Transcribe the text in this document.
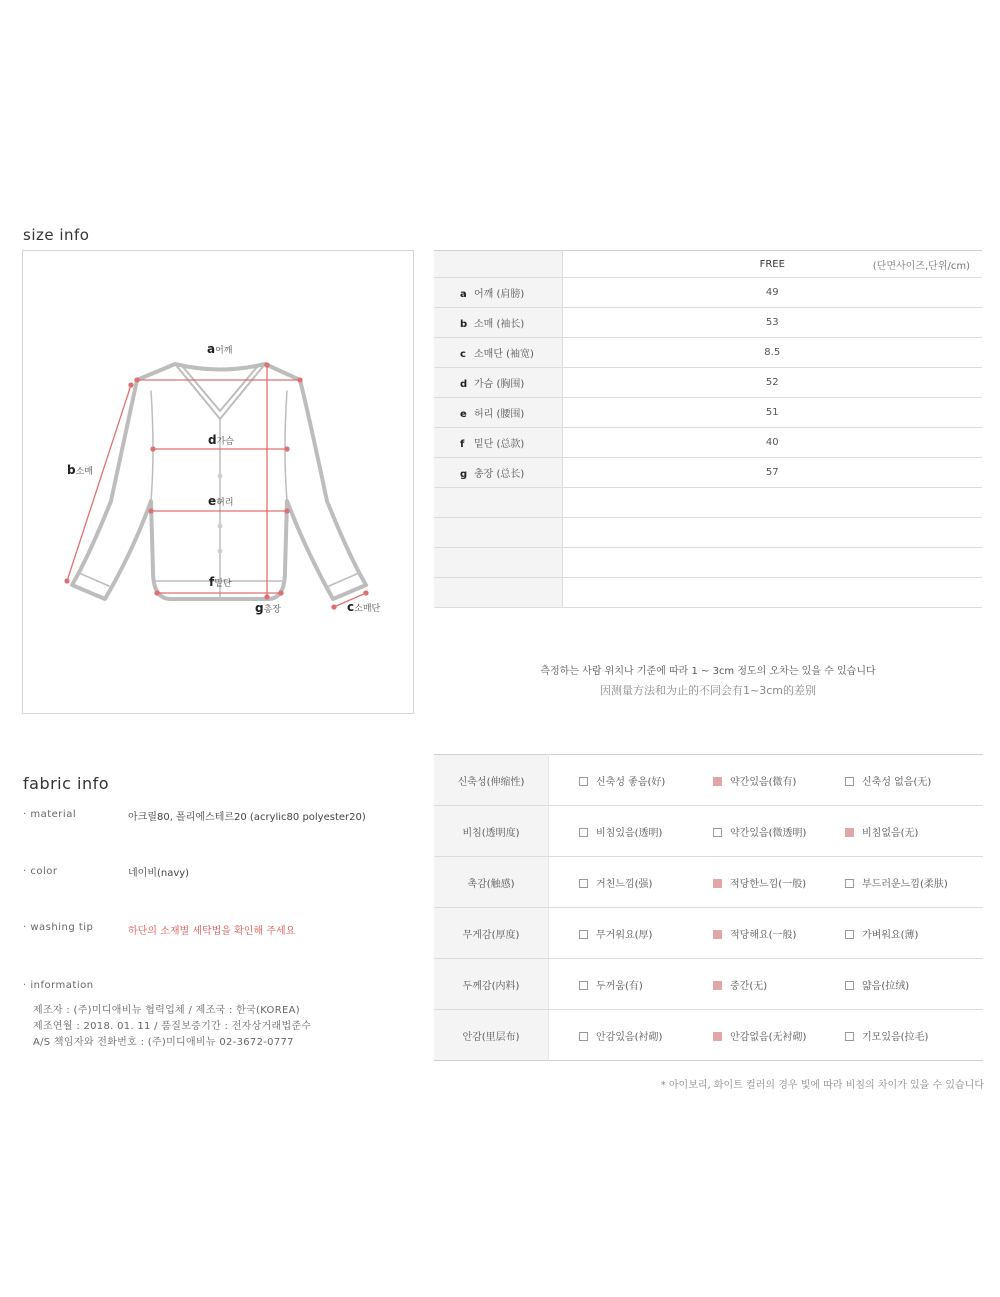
size info
a어깨
b소매
d가슴
e허리
f밑단
g총장	c소매단
	FREE (단면사이즈,단위/cm)

a 어깨 (肩膀)	49
b 소매 (袖长)	53
c 소매단 (袖宽)	8.5
d 가슴 (胸围)	52
e 허리 (腰围)	51
f 밑단 (总款)	40
g 총장 (总长)	57

측정하는 사람 위치나 기준에 따라 1 ~ 3cm 정도의 오차는 있을 수 있습니다
因测量方法和为止的不同会有1~3cm的差别
fabric info
· material	아크릴80, 폴리에스테르20 (acrylic80 polyester20)
· color	네이비(navy)
· washing tip	하단의 소재별 세탁법을 확인해 주세요
· information
제조자 : (주)미디애비뉴 협력업체 / 제조국 : 한국(KOREA)
제조연월 : 2018. 01. 11 / 품질보증기간 : 전자상거래법준수
A/S 책임자와 전화번호 : (주)미디애비뉴 02-3672-0777
신축성(伸缩性)	신축성 좋음(好)	약간있음(微有)	신축성 없음(无)
비침(透明度)	비침있음(透明)	약간있음(微透明)	비침없음(无)
촉감(触感)	거친느낌(强)	적당한느낌(一般)	부드러운느낌(柔肤)
무게감(厚度)	무거워요(厚)	적당해요(一般)	가벼워요(薄)
두께감(内料)	두꺼움(有)	중간(无)	얇음(拉绒)
안감(里层布)	안감있음(衬砌)	안감없음(无衬砌)	기모있음(拉毛)
* 아이보리, 화이트 컬러의 경우 빛에 따라 비침의 차이가 있을 수 있습니다
